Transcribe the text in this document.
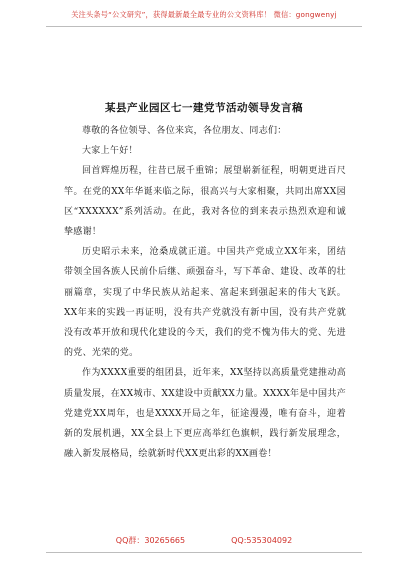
关注头条号“公文研究”，获得最新最全最专业的公文资料库！ 微信：gongwenyj
某县产业园区七一建党节活动领导发言稿

尊敬的各位领导、各位来宾，各位朋友、同志们：

大家上午好！

回首辉煌历程，往昔已展千重锦；展望崭新征程，明朝更进百尺竿。在党的XX年华诞来临之际，很高兴与大家相聚，共同出席XX园区“XXXXXX”系列活动。在此，我对各位的到来表示热烈欢迎和诚挚感谢！

历史昭示未来，沧桑成就正道。中国共产党成立XX年来，团结带领全国各族人民前仆后继、顽强奋斗，写下革命、建设、改革的壮丽篇章，实现了中华民族从站起来、富起来到强起来的伟大飞跃。XX年来的实践一再证明，没有共产党就没有新中国，没有共产党就没有改革开放和现代化建设的今天，我们的党不愧为伟大的党、先进的党、光荣的党。

作为XXXX重要的组团县，近年来，XX坚持以高质量党建推动高质量发展，在XX城市、XX建设中贡献XX力量。XXXX年是中国共产党建党XX周年，也是XXXX开局之年，征途漫漫，唯有奋斗，迎着新的发展机遇，XX全县上下更应高举红色旗帜，践行新发展理念，融入新发展格局，绘就新时代XX更出彩的XX画卷！

QQ群：30265665	QQ:535304092
